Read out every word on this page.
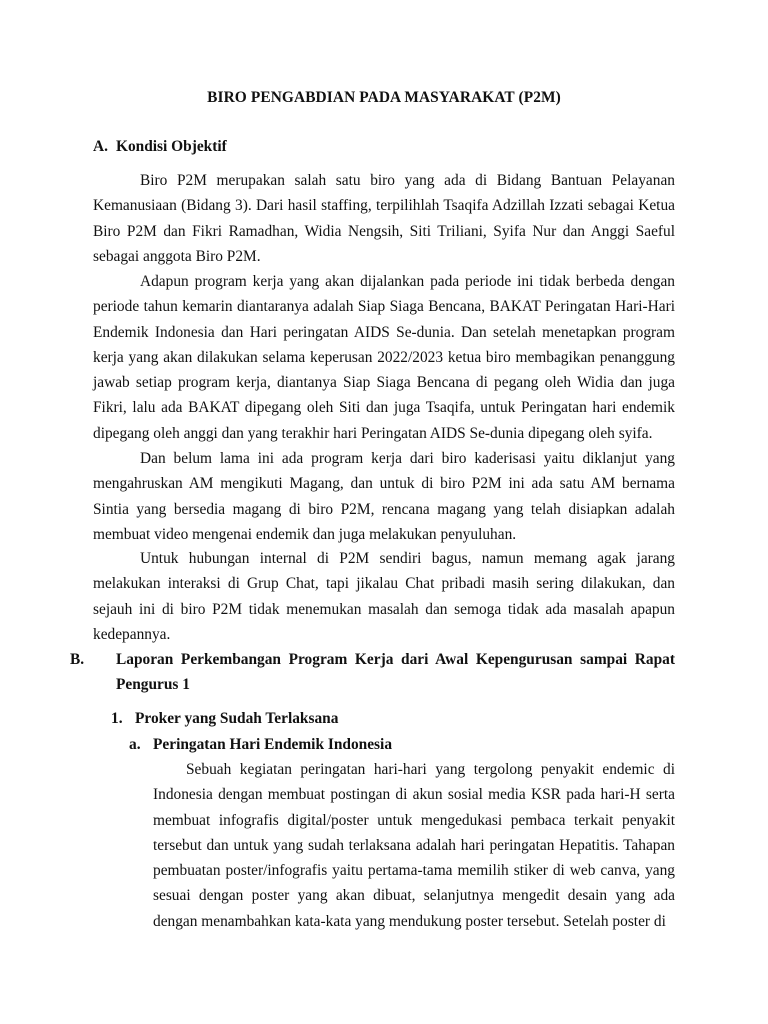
BIRO PENGABDIAN PADA MASYARAKAT (P2M)
A. Kondisi Objektif

Biro P2M merupakan salah satu biro yang ada di Bidang Bantuan Pelayanan Kemanusiaan (Bidang 3). Dari hasil staffing, terpilihlah Tsaqifa Adzillah Izzati sebagai Ketua Biro P2M dan Fikri Ramadhan, Widia Nengsih, Siti Triliani, Syifa Nur dan Anggi Saeful sebagai anggota Biro P2M.

Adapun program kerja yang akan dijalankan pada periode ini tidak berbeda dengan periode tahun kemarin diantaranya adalah Siap Siaga Bencana, BAKAT Peringatan Hari-Hari Endemik Indonesia dan Hari peringatan AIDS Se-dunia. Dan setelah menetapkan program kerja yang akan dilakukan selama keperusan 2022/2023 ketua biro membagikan penanggung jawab setiap program kerja, diantanya Siap Siaga Bencana di pegang oleh Widia dan juga Fikri, lalu ada BAKAT dipegang oleh Siti dan juga Tsaqifa, untuk Peringatan hari endemik dipegang oleh anggi dan yang terakhir hari Peringatan AIDS Se-dunia dipegang oleh syifa.

Dan belum lama ini ada program kerja dari biro kaderisasi yaitu diklanjut yang mengahruskan AM mengikuti Magang, dan untuk di biro P2M ini ada satu AM bernama Sintia yang bersedia magang di biro P2M, rencana magang yang telah disiapkan adalah membuat video mengenai endemik dan juga melakukan penyuluhan.

Untuk hubungan internal di P2M sendiri bagus, namun memang agak jarang melakukan interaksi di Grup Chat, tapi jikalau Chat pribadi masih sering dilakukan, dan sejauh ini di biro P2M tidak menemukan masalah dan semoga tidak ada masalah apapun kedepannya.

B. Laporan Perkembangan Program Kerja dari Awal Kepengurusan sampai Rapat Pengurus 1
1. Proker yang Sudah Terlaksana
a. Peringatan Hari Endemik Indonesia

Sebuah kegiatan peringatan hari-hari yang tergolong penyakit endemic di Indonesia dengan membuat postingan di akun sosial media KSR pada hari-H serta membuat infografis digital/poster untuk mengedukasi pembaca terkait penyakit tersebut dan untuk yang sudah terlaksana adalah hari peringatan Hepatitis. Tahapan pembuatan poster/infografis yaitu pertama-tama memilih stiker di web canva, yang sesuai dengan poster yang akan dibuat, selanjutnya mengedit desain yang ada dengan menambahkan kata-kata yang mendukung poster tersebut. Setelah poster di
